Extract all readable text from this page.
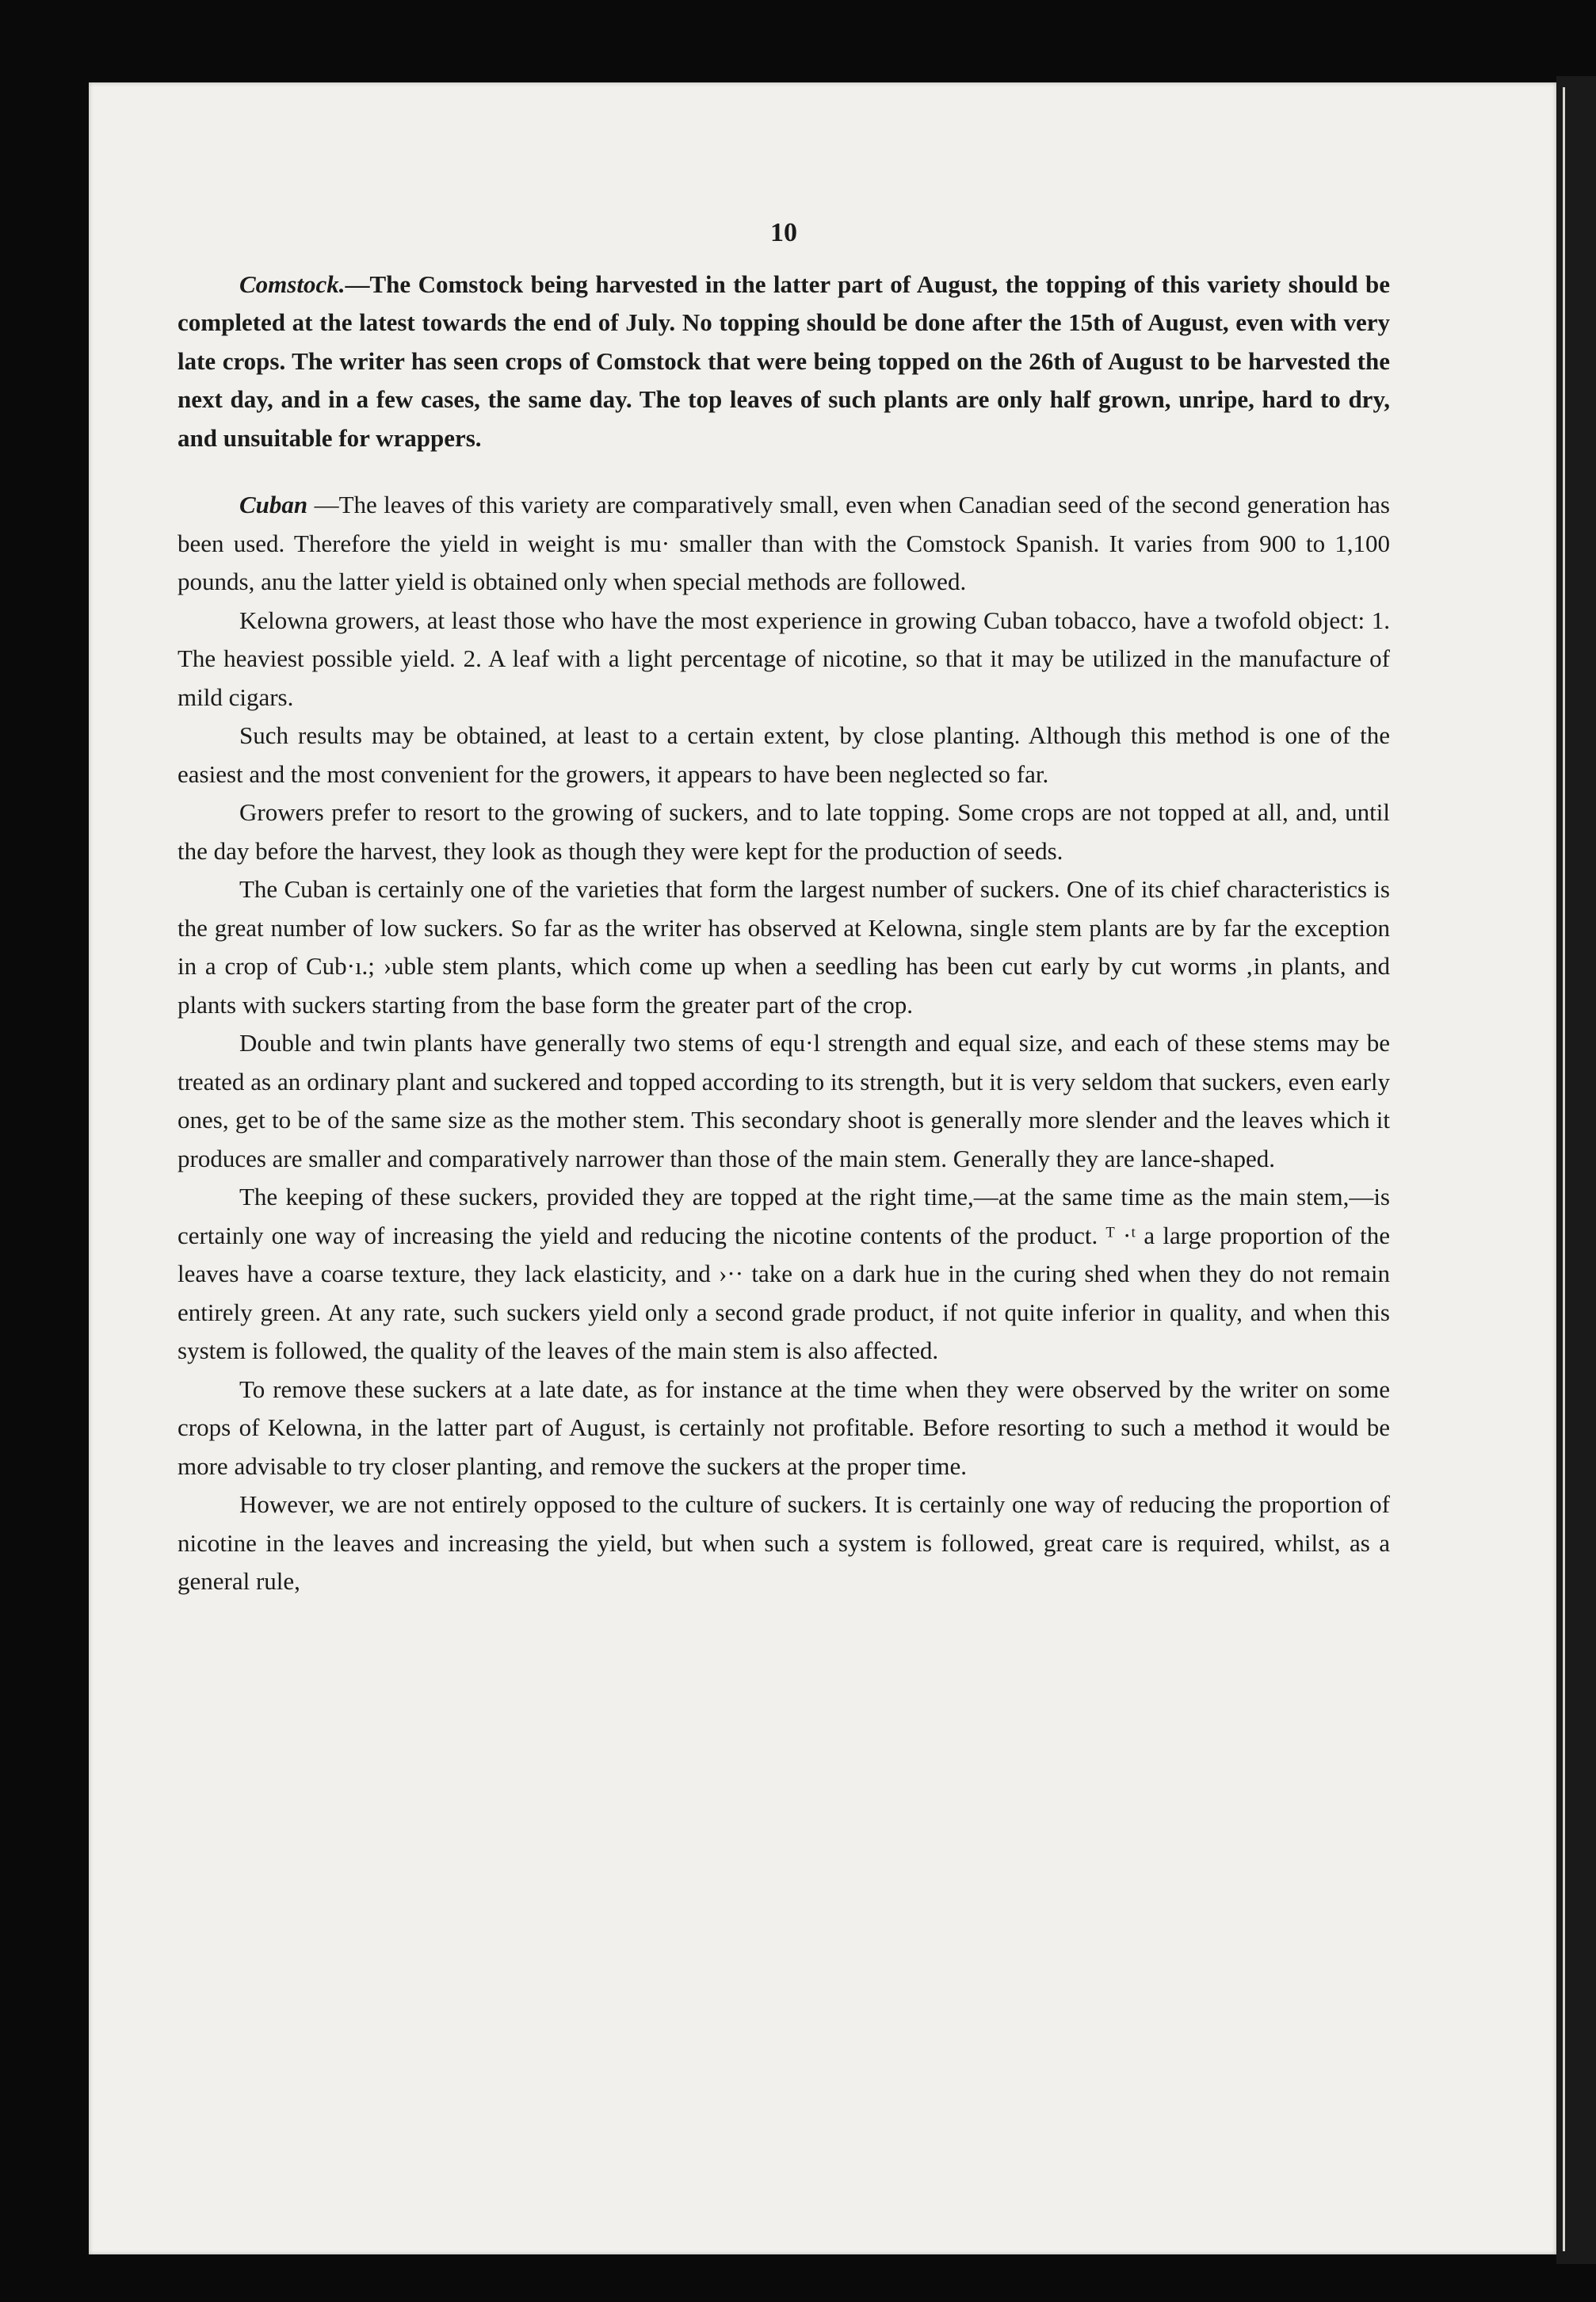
10

Comstock.—The Comstock being harvested in the latter part of August, the topping of this variety should be completed at the latest towards the end of July. No topping should be done after the 15th of August, even with very late crops. The writer has seen crops of Comstock that were being topped on the 26th of August to be harvested the next day, and in a few cases, the same day. The top leaves of such plants are only half grown, unripe, hard to dry, and unsuitable for wrappers.

Cuban —The leaves of this variety are comparatively small, even when Canadian seed of the second generation has been used. Therefore the yield in weight is mu· smaller than with the Comstock Spanish. It varies from 900 to 1,100 pounds, anu the latter yield is obtained only when special methods are followed.

Kelowna growers, at least those who have the most experience in growing Cuban tobacco, have a twofold object: 1. The heaviest possible yield. 2. A leaf with a light percentage of nicotine, so that it may be utilized in the manufacture of mild cigars.

Such results may be obtained, at least to a certain extent, by close planting. Although this method is one of the easiest and the most convenient for the growers, it appears to have been neglected so far.

Growers prefer to resort to the growing of suckers, and to late topping. Some crops are not topped at all, and, until the day before the harvest, they look as though they were kept for the production of seeds.

The Cuban is certainly one of the varieties that form the largest number of suckers. One of its chief characteristics is the great number of low suckers. So far as the writer has observed at Kelowna, single stem plants are by far the exception in a crop of Cub·ı.; ›uble stem plants, which come up when a seedling has been cut early by cut worms ‚in plants, and plants with suckers starting from the base form the greater part of the crop.

Double and twin plants have generally two stems of equ·l strength and equal size, and each of these stems may be treated as an ordinary plant and suckered and topped according to its strength, but it is very seldom that suckers, even early ones, get to be of the same size as the mother stem. This secondary shoot is generally more slender and the leaves which it produces are smaller and comparatively narrower than those of the main stem. Generally they are lance-shaped.

The keeping of these suckers, provided they are topped at the right time,—at the same time as the main stem,—is certainly one way of increasing the yield and reducing the nicotine contents of the product. ᵀ ·ᵗ a large proportion of the leaves have a coarse texture, they lack elasticity, and ›·· take on a dark hue in the curing shed when they do not remain entirely green. At any rate, such suckers yield only a second grade product, if not quite inferior in quality, and when this system is followed, the quality of the leaves of the main stem is also affected.

To remove these suckers at a late date, as for instance at the time when they were observed by the writer on some crops of Kelowna, in the latter part of August, is certainly not profitable. Before resorting to such a method it would be more advisable to try closer planting, and remove the suckers at the proper time.

However, we are not entirely opposed to the culture of suckers. It is certainly one way of reducing the proportion of nicotine in the leaves and increasing the yield, but when such a system is followed, great care is required, whilst, as a general rule,
